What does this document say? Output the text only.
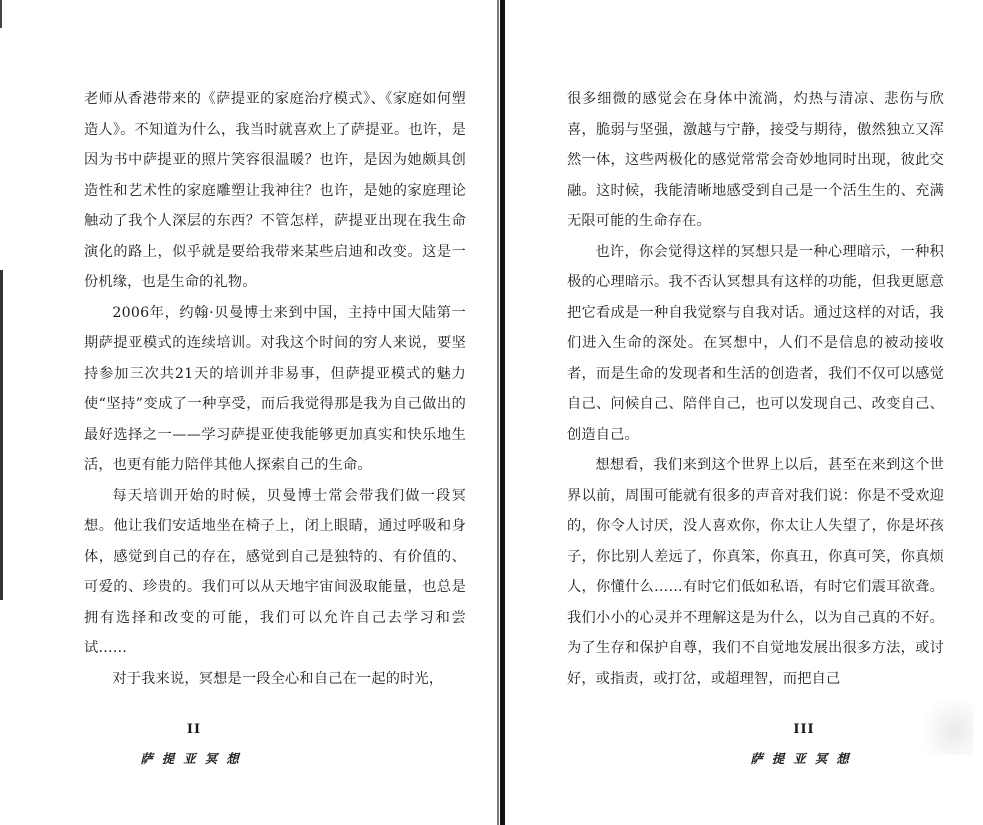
老师从香港带来的《萨提亚的家庭治疗模式》、《家庭如何塑造人》。不知道为什么，我当时就喜欢上了萨提亚。也许，是因为书中萨提亚的照片笑容很温暖？也许，是因为她颇具创造性和艺术性的家庭雕塑让我神往？也许，是她的家庭理论触动了我个人深层的东西？不管怎样，萨提亚出现在我生命演化的路上，似乎就是要给我带来某些启迪和改变。这是一份机缘，也是生命的礼物。

2006年，约翰·贝曼博士来到中国，主持中国大陆第一期萨提亚模式的连续培训。对我这个时间的穷人来说，要坚持参加三次共21天的培训并非易事，但萨提亚模式的魅力使“坚持”变成了一种享受，而后我觉得那是我为自己做出的最好选择之一——学习萨提亚使我能够更加真实和快乐地生活，也更有能力陪伴其他人探索自己的生命。

每天培训开始的时候，贝曼博士常会带我们做一段冥想。他让我们安适地坐在椅子上，闭上眼睛，通过呼吸和身体，感觉到自己的存在，感觉到自己是独特的、有价值的、可爱的、珍贵的。我们可以从天地宇宙间汲取能量，也总是拥有选择和改变的可能，我们可以允许自己去学习和尝试……

对于我来说，冥想是一段全心和自己在一起的时光，

II
萨提亚冥想

很多细微的感觉会在身体中流淌，灼热与清凉、悲伤与欣喜，脆弱与坚强，激越与宁静，接受与期待，傲然独立又浑然一体，这些两极化的感觉常常会奇妙地同时出现，彼此交融。这时候，我能清晰地感受到自己是一个活生生的、充满无限可能的生命存在。

也许，你会觉得这样的冥想只是一种心理暗示，一种积极的心理暗示。我不否认冥想具有这样的功能，但我更愿意把它看成是一种自我觉察与自我对话。通过这样的对话，我们进入生命的深处。在冥想中，人们不是信息的被动接收者，而是生命的发现者和生活的创造者，我们不仅可以感觉自己、问候自己、陪伴自己，也可以发现自己、改变自己、创造自己。

想想看，我们来到这个世界上以后，甚至在来到这个世界以前，周围可能就有很多的声音对我们说：你是不受欢迎的，你令人讨厌，没人喜欢你，你太让人失望了，你是坏孩子，你比别人差远了，你真笨，你真丑，你真可笑，你真烦人，你懂什么……有时它们低如私语，有时它们震耳欲聋。我们小小的心灵并不理解这是为什么，以为自己真的不好。为了生存和保护自尊，我们不自觉地发展出很多方法，或讨好，或指责，或打岔，或超理智，而把自己

III
萨提亚冥想
